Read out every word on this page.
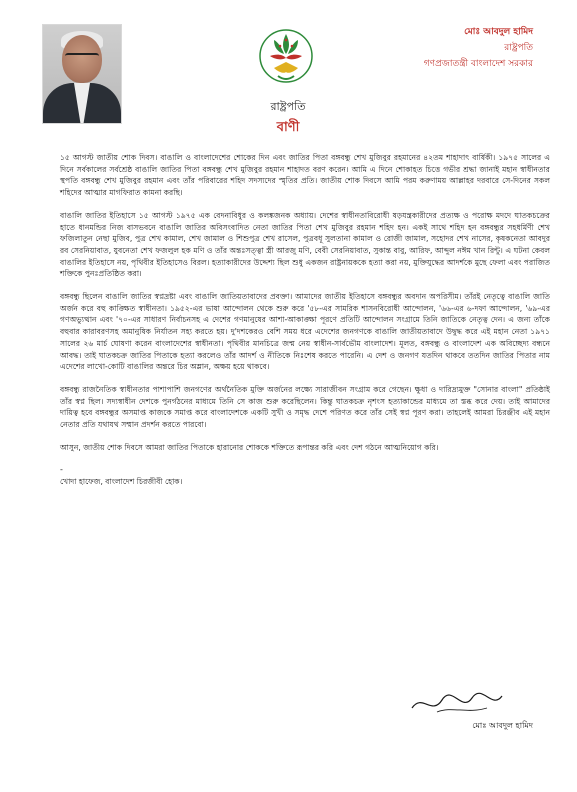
রাষ্ট্রপতি
বাণী
মোঃ আবদুল হামিদ
রাষ্ট্রপতি
গণপ্রজাতন্ত্রী বাংলাদেশ সরকার

১৫ আগস্ট জাতীয় শোক দিবস। বাঙালি ও বাংলাদেশের শোকের দিন এবং জাতির পিতা বঙ্গবন্ধু শেখ মুজিবুর রহমানের ৪২তম শাহাদাৎ বার্ষিকী। ১৯৭৫ সালের এ দিনে সর্বকালের সর্বশ্রেষ্ঠ বাঙালি জাতির পিতা বঙ্গবন্ধু শেখ মুজিবুর রহমান শাহাদত বরণ করেন। আমি এ দিনে শোকাহত চিত্তে গভীর শ্রদ্ধা জানাই মহান স্বাধীনতার স্থপতি বঙ্গবন্ধু শেখ মুজিবুর রহমান এবং তাঁর পরিবারের শহিদ সদস্যদের স্মৃতির প্রতি। জাতীয় শোক দিবসে আমি পরম করুণাময় আল্লাহর দরবারে সে-দিনের সকল শহিদের আত্মার মাগফিরাত কামনা করছি।

বাঙালি জাতির ইতিহাসে ১৫ আগস্ট ১৯৭৫ এক বেদনাবিধুর ও কলঙ্কজনক অধ্যায়। দেশের স্বাধীনতাবিরোধী ষড়যন্ত্রকারীদের প্রত্যক্ষ ও পরোক্ষ মদদে ঘাতকচক্রের হাতে ধানমন্ডির নিজ বাসভবনে বাঙালি জাতির অবিসংবাদিত নেতা জাতির পিতা শেখ মুজিবুর রহমান শহিদ হন। একই সাথে শহিদ হন বঙ্গবন্ধুর সহধর্মিণী শেখ ফজিলাতুন নেছা মুজিব, পুত্র শেখ কামাল, শেখ জামাল ও শিশুপুত্র শেখ রাসেল, পুত্রবধূ সুলতানা কামাল ও রোজী জামাল, সহোদর শেখ নাসের, কৃষকনেতা আবদুর রব সেরনিয়াবাত, যুবনেতা শেখ ফজলুল হক মণি ও তাঁর অন্তঃসত্ত্বা স্ত্রী আরজু মণি, বেবী সেরনিয়াবাত, সুকান্ত বাবু, আরিফ, আব্দুল নঈম খান রিন্টু। এ ঘটনা কেবল বাঙালির ইতিহাসে নয়, পৃথিবীর ইতিহাসেও বিরল। হত্যাকারীদের উদ্দেশ্য ছিল শুধু একজন রাষ্ট্রনায়ককে হত্যা করা নয়, মুক্তিযুদ্ধের আদর্শকে মুছে ফেলা এবং পরাজিত শক্তিকে পুনঃপ্রতিষ্ঠিত করা।

বঙ্গবন্ধু ছিলেন বাঙালি জাতির স্বপ্নদ্রষ্টা এবং বাঙালি জাতিয়তাবাদের প্রবক্তা। আমাদের জাতীয় ইতিহাসে বঙ্গবন্ধুর অবদান অপরিসীম। তাঁরই নেতৃত্বে বাঙালি জাতি অর্জন করে বহু কাঙ্ক্ষিত স্বাধীনতা। ১৯৫২-এর ভাষা আন্দোলন থেকে শুরু করে '৫৮-এর সামরিক শাসনবিরোধী আন্দোলন, '৬৬-এর ৬-দফা আন্দোলন, '৬৯-এর গণঅভ্যুত্থান এবং '৭০-এর সাধারণ নির্বাচনসহ এ দেশের গণমানুষের আশা-আকাঙ্ক্ষা পূরণে প্রতিটি আন্দোলন সংগ্রামে তিনি জাতিকে নেতৃত্ব দেন। এ জন্য তাঁকে বহুবার কারাবরণসহ অমানুষিক নির্যাতন সহ্য করতে হয়। দু'দশকেরও বেশি সময় ধরে এদেশের জনগণকে বাঙালি জাতীয়তাবাদে উদ্বুদ্ধ করে এই মহান নেতা ১৯৭১ সালের ২৬ মার্চ ঘোষণা করেন বাংলাদেশের স্বাধীনতা। পৃথিবীর মানচিত্রে জন্ম নেয় স্বাধীন-সার্বভৌম বাংলাদেশ। মূলত, বঙ্গবন্ধু ও বাংলাদেশ এক অবিচ্ছেদ্য বন্ধনে আবদ্ধ। তাই ঘাতকচক্র জাতির পিতাকে হত্যা করলেও তাঁর আদর্শ ও নীতিকে নিঃশেষ করতে পারেনি। এ দেশ ও জনগণ যতদিন থাকবে ততদিন জাতির পিতার নাম এদেশের লাখো-কোটি বাঙালির অন্তরে চির অম্লান, অক্ষয় হয়ে থাকবে।

বঙ্গবন্ধু রাজনৈতিক স্বাধীনতার পাশাপাশি জনগণের অর্থনৈতিক মুক্তি অর্জনের লক্ষ্যে সারাজীবন সংগ্রাম করে গেছেন। ক্ষুধা ও দারিদ্র্যমুক্ত "সোনার বাংলা" প্রতিষ্ঠাই তাঁর স্বপ্ন ছিল। সদ্যস্বাধীন দেশকে পুনর্গঠনের মাধ্যমে তিনি সে কাজ শুরু করেছিলেন। কিন্তু ঘাতকচক্র নৃশংস হত্যাকান্ডের মাধ্যমে তা স্তব্ধ করে দেয়। তাই আমাদের দায়িত্ব হবে বঙ্গবন্ধুর অসমাপ্ত কাজকে সমাপ্ত করে বাংলাদেশকে একটি সুখী ও সমৃদ্ধ দেশে পরিণত করে তাঁর সেই স্বপ্ন পূরণ করা। তাহলেই আমরা চিরঞ্জীব এই মহান নেতার প্রতি যথাযথ সম্মান প্রদর্শন করতে পারবো।

আসুন, জাতীয় শোক দিবসে আমরা জাতির পিতাকে হারানোর শোককে শক্তিতে রূপান্তর করি এবং দেশ গঠনে আত্মনিয়োগ করি।

-

খোদা হাফেজ, বাংলাদেশ চিরজীবী হোক।

মোঃ আবদুল হামিদ
